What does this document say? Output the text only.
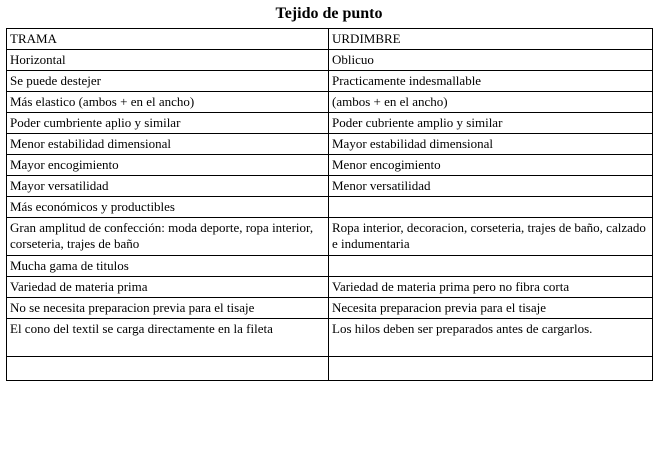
Tejido de punto
TRAMA	URDIMBRE
Horizontal	Oblicuo
Se puede destejer	Practicamente indesmallable
Más elastico (ambos + en el ancho)	(ambos + en el ancho)
Poder cumbriente aplio y similar	Poder cubriente amplio y similar
Menor estabilidad dimensional	Mayor estabilidad dimensional
Mayor encogimiento	Menor encogimiento
Mayor versatilidad	Menor versatilidad
Más económicos y productibles	
Gran amplitud de confección: moda deporte, ropa interior, corseteria, trajes de baño	Ropa interior, decoracion, corseteria, trajes de baño, calzado e indumentaria
Mucha gama de titulos	
Variedad de materia prima	Variedad de materia prima pero no fibra corta
No se necesita preparacion previa para el tisaje	Necesita preparacion previa para el tisaje
El cono del textil se carga directamente en la fileta	Los hilos deben ser preparados antes de cargarlos.
